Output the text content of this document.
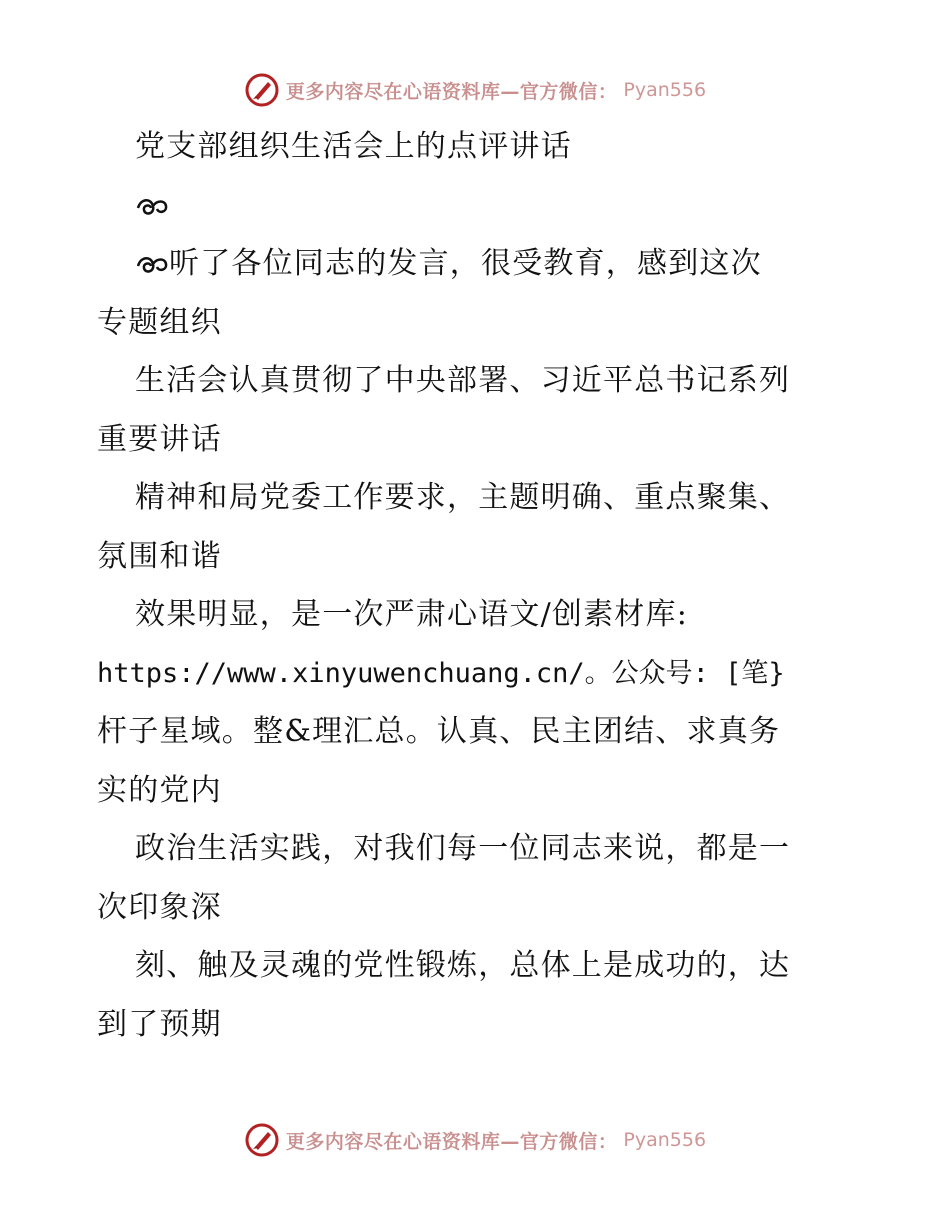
更多内容尽在心语资料库—官方微信： Pyan556
党支部组织生活会上的点评讲话
听了各位同志的发言，很受教育，感到这次
专题组织
生活会认真贯彻了中央部署、习近平总书记系列
重要讲话
精神和局党委工作要求，主题明确、重点聚集、
氛围和谐
效果明显，是一次严肃心语文/创素材库:
https://www.xinyuwenchuang.cn/。公众号: [笔}
杆子星域。整&理汇总。认真、民主团结、求真务
实的党内
政治生活实践，对我们每一位同志来说，都是一
次印象深
刻、触及灵魂的党性锻炼，总体上是成功的，达
到了预期
更多内容尽在心语资料库—官方微信： Pyan556
